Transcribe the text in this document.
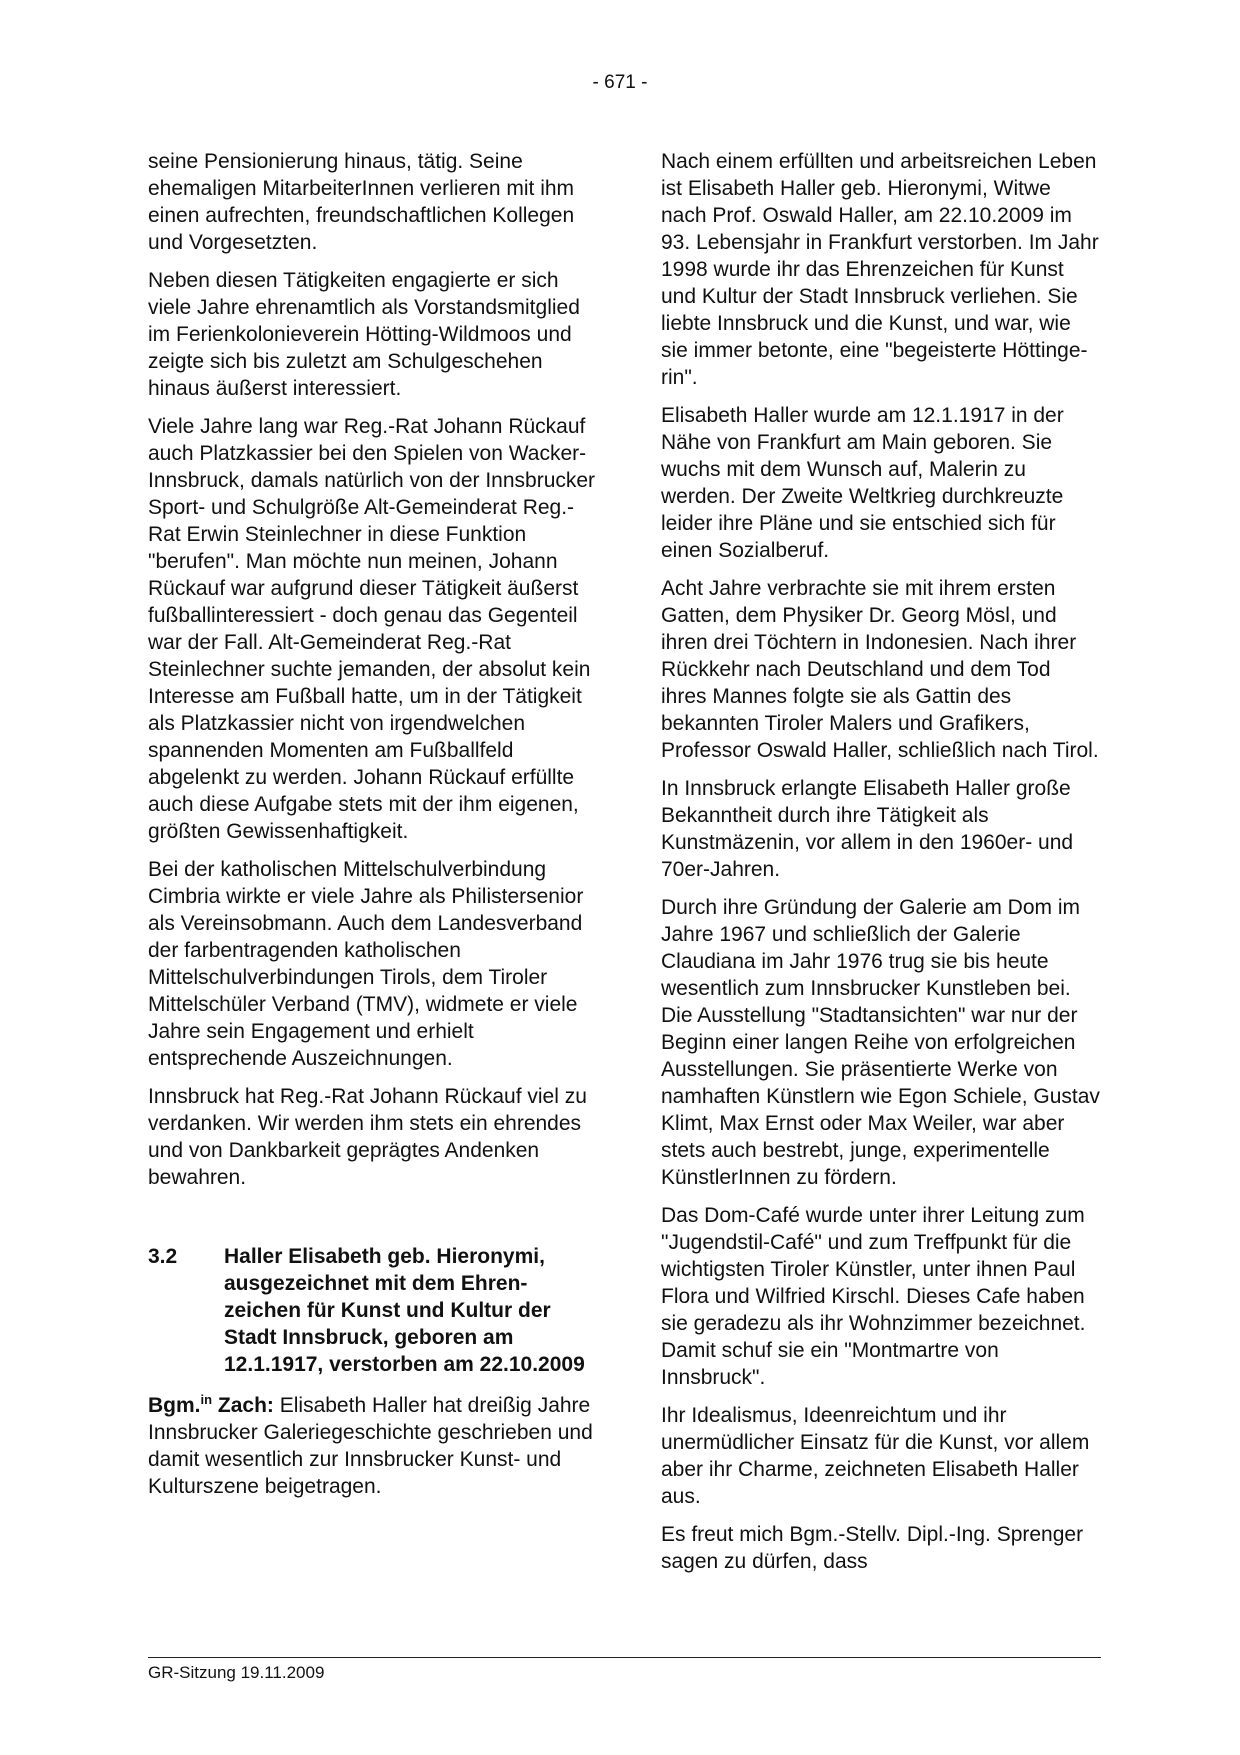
- 671 -

seine Pensionierung hinaus, tätig. Seine ehemaligen MitarbeiterInnen verlieren mit ihm einen aufrechten, freundschaftlichen Kollegen und Vorgesetzten.

Neben diesen Tätigkeiten engagierte er sich viele Jahre ehrenamtlich als Vorstandsmitglied im Ferienkolonieverein Hötting-Wildmoos und zeigte sich bis zuletzt am Schulgeschehen hinaus äußerst interessiert.

Viele Jahre lang war Reg.-Rat Johann Rückauf auch Platzkassier bei den Spielen von Wacker-Innsbruck, damals natürlich von der Innsbrucker Sport- und Schulgröße Alt-Gemeinderat Reg.-Rat Erwin Steinlechner in diese Funktion "berufen". Man möchte nun meinen, Johann Rückauf war aufgrund dieser Tätigkeit äußerst fußballinteressiert - doch genau das Gegenteil war der Fall. Alt-Gemeinderat Reg.-Rat Steinlechner suchte jemanden, der absolut kein Interesse am Fußball hatte, um in der Tätigkeit als Platzkassier nicht von irgendwelchen spannenden Momenten am Fußballfeld abgelenkt zu werden. Johann Rückauf erfüllte auch diese Aufgabe stets mit der ihm eigenen, größten Gewissenhaftigkeit.

Bei der katholischen Mittelschulverbindung Cimbria wirkte er viele Jahre als Philistersenior als Vereinsobmann. Auch dem Landesverband der farbentragenden katholischen Mittelschulverbindungen Tirols, dem Tiroler Mittelschüler Verband (TMV), widmete er viele Jahre sein Engagement und erhielt entsprechende Auszeichnungen.

Innsbruck hat Reg.-Rat Johann Rückauf viel zu verdanken. Wir werden ihm stets ein ehrendes und von Dankbarkeit geprägtes Andenken bewahren.

3.2	Haller Elisabeth geb. Hieronymi, ausgezeichnet mit dem Ehrenzeichen für Kunst und Kultur der Stadt Innsbruck, geboren am 12.1.1917, verstorben am 22.10.2009

Bgm.$^{in}$ Zach: Elisabeth Haller hat dreißig Jahre Innsbrucker Galeriegeschichte geschrieben und damit wesentlich zur Innsbrucker Kunst- und Kulturszene beigetragen.

Nach einem erfüllten und arbeitsreichen Leben ist Elisabeth Haller geb. Hieronymi, Witwe nach Prof. Oswald Haller, am 22.10.2009 im 93. Lebensjahr in Frankfurt verstorben. Im Jahr 1998 wurde ihr das Ehrenzeichen für Kunst und Kultur der Stadt Innsbruck verliehen. Sie liebte Innsbruck und die Kunst, und war, wie sie immer betonte, eine "begeisterte Höttingerin".

Elisabeth Haller wurde am 12.1.1917 in der Nähe von Frankfurt am Main geboren. Sie wuchs mit dem Wunsch auf, Malerin zu werden. Der Zweite Weltkrieg durchkreuzte leider ihre Pläne und sie entschied sich für einen Sozialberuf.

Acht Jahre verbrachte sie mit ihrem ersten Gatten, dem Physiker Dr. Georg Mösl, und ihren drei Töchtern in Indonesien. Nach ihrer Rückkehr nach Deutschland und dem Tod ihres Mannes folgte sie als Gattin des bekannten Tiroler Malers und Grafikers, Professor Oswald Haller, schließlich nach Tirol.

In Innsbruck erlangte Elisabeth Haller große Bekanntheit durch ihre Tätigkeit als Kunstmäzenin, vor allem in den 1960er- und 70er-Jahren.

Durch ihre Gründung der Galerie am Dom im Jahre 1967 und schließlich der Galerie Claudiana im Jahr 1976 trug sie bis heute wesentlich zum Innsbrucker Kunstleben bei. Die Ausstellung "Stadtansichten" war nur der Beginn einer langen Reihe von erfolgreichen Ausstellungen. Sie präsentierte Werke von namhaften Künstlern wie Egon Schiele, Gustav Klimt, Max Ernst oder Max Weiler, war aber stets auch bestrebt, junge, experimentelle KünstlerInnen zu fördern.

Das Dom-Café wurde unter ihrer Leitung zum "Jugendstil-Café" und zum Treffpunkt für die wichtigsten Tiroler Künstler, unter ihnen Paul Flora und Wilfried Kirschl. Dieses Cafe haben sie geradezu als ihr Wohnzimmer bezeichnet. Damit schuf sie ein "Montmartre von Innsbruck".

Ihr Idealismus, Ideenreichtum und ihr unermüdlicher Einsatz für die Kunst, vor allem aber ihr Charme, zeichneten Elisabeth Haller aus.

Es freut mich Bgm.-Stellv. Dipl.-Ing. Sprenger sagen zu dürfen, dass

GR-Sitzung 19.11.2009
